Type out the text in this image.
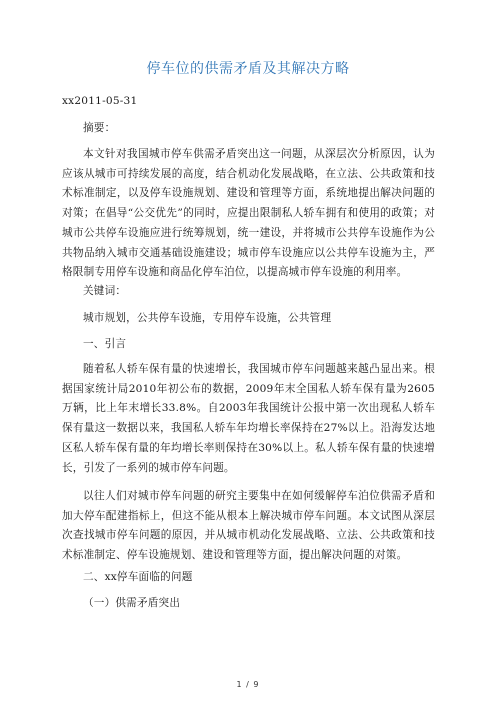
停车位的供需矛盾及其解决方略

xx2011-05-31

摘要：

本文针对我国城市停车供需矛盾突出这一问题，从深层次分析原因，认为应该从城市可持续发展的高度，结合机动化发展战略，在立法、公共政策和技术标准制定，以及停车设施规划、建设和管理等方面，系统地提出解决问题的对策；在倡导“公交优先”的同时，应提出限制私人轿车拥有和使用的政策；对城市公共停车设施应进行统筹规划，统一建设，并将城市公共停车设施作为公共物品纳入城市交通基础设施建设；城市停车设施应以公共停车设施为主，严格限制专用停车设施和商品化停车泊位，以提高城市停车设施的利用率。

关键词：

城市规划，公共停车设施，专用停车设施，公共管理

一、引言

随着私人轿车保有量的快速增长，我国城市停车问题越来越凸显出来。根据国家统计局2010年初公布的数据，2009年末全国私人轿车保有量为2605万辆，比上年末增长33.8%。自2003年我国统计公报中第一次出现私人轿车保有量这一数据以来，我国私人轿车年均增长率保持在27%以上。沿海发达地区私人轿车保有量的年均增长率则保持在30%以上。私人轿车保有量的快速增长，引发了一系列的城市停车问题。

以往人们对城市停车问题的研究主要集中在如何缓解停车泊位供需矛盾和加大停车配建指标上，但这不能从根本上解决城市停车问题。本文试图从深层次查找城市停车问题的原因，并从城市机动化发展战略、立法、公共政策和技术标准制定、停车设施规划、建设和管理等方面，提出解决问题的对策。

二、xx停车面临的问题

（一）供需矛盾突出

1 / 9
